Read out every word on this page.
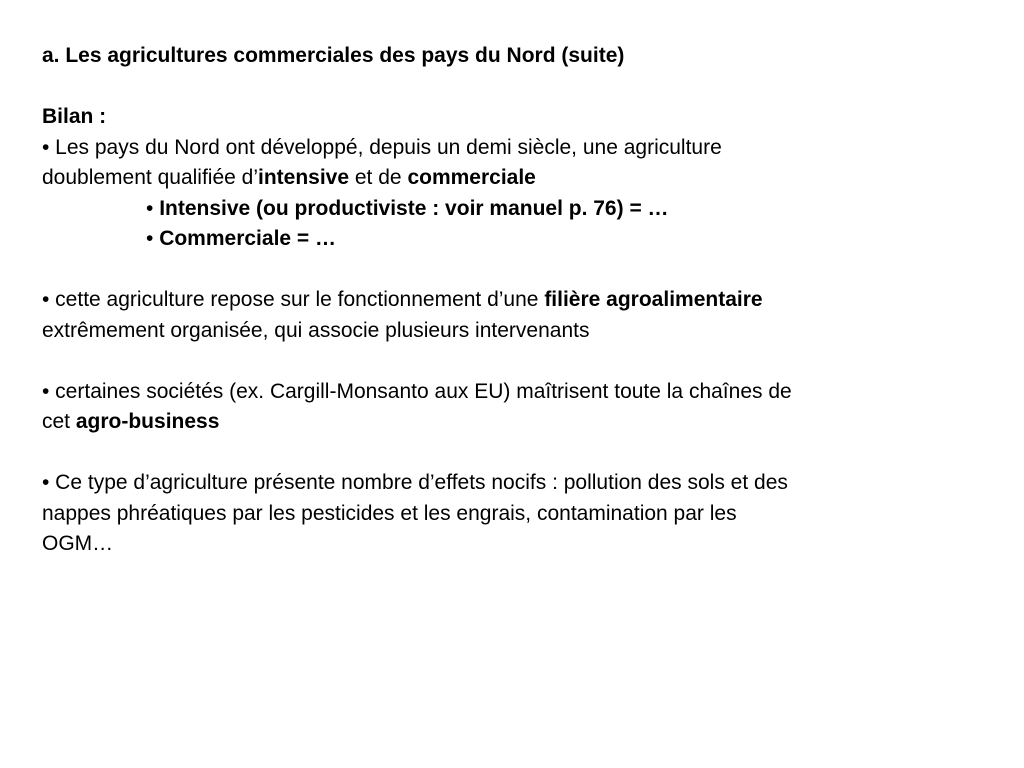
a. Les agricultures commerciales des pays du Nord (suite)

Bilan :

• Les pays du Nord ont développé, depuis un demi siècle, une agriculture

doublement qualifiée d’intensive et de commerciale

• Intensive (ou productiviste : voir manuel p. 76) = …

• Commerciale = …

• cette agriculture repose sur le fonctionnement d’une filière agroalimentaire

extrêmement organisée, qui associe plusieurs intervenants

• certaines sociétés (ex. Cargill-Monsanto aux EU) maîtrisent toute la chaînes de

cet agro-business

• Ce type d’agriculture présente nombre d’effets nocifs : pollution des sols et des

nappes phréatiques par les pesticides et les engrais, contamination par les

OGM…
